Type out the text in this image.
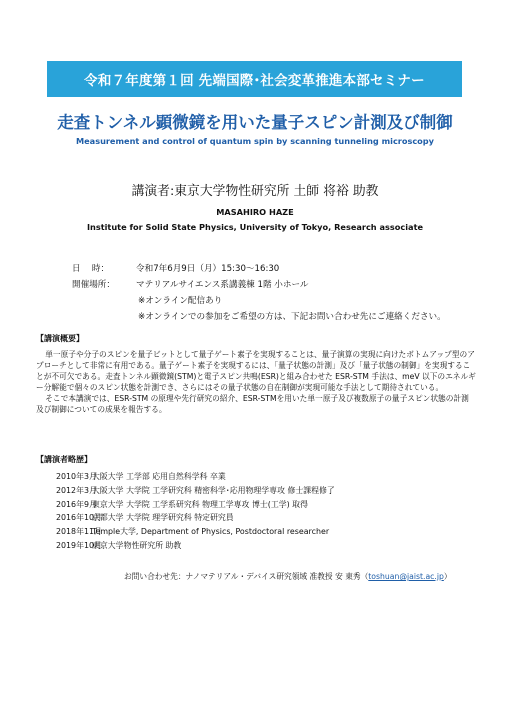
令和７年度第１回 先端国際･社会変革推進本部セミナー
走査トンネル顕微鏡を用いた量子スピン計測及び制御
Measurement and control of quantum spin by scanning tunneling microscopy
講演者:東京大学物性研究所 土師 将裕 助教
MASAHIRO HAZE
Institute for Solid State Physics, University of Tokyo, Research associate
日　 時：	令和7年6月9日（月）15:30～16:30
開催場所： マテリアルサイエンス系講義棟 1階 小ホール
※オンライン配信あり
※オンラインでの参加をご希望の方は、下記お問い合わせ先にご連絡ください。
【講演概要】

単一原子や分子のスピンを量子ビットとして量子ゲート素子を実現することは、量子演算の実現に向けたボトムアップ型のアプローチとして非常に有用である。量子ゲート素子を実現するには、「量子状態の計測」及び「量子状態の制御」を実現することが不可欠である。走査トンネル顕微鏡(STM)と電子スピン共鳴(ESR)と組み合わせた ESR-STM 手法は、meV 以下のエネルギー分解能で個々のスピン状態を計測でき、さらにはその量子状態の自在制御が実現可能な手法として期待されている。

そこで本講演では、ESR-STM の原理や先行研究の紹介、ESR-STMを用いた単一原子及び複数原子の量子スピン状態の計測及び制御についての成果を報告する。

【講演者略歴】
2010年3月大阪大学 工学部 応用自然科学科 卒業
2012年3月大阪大学 大学院 工学研究科 精密科学･応用物理学専攻 修士課程修了
2016年9月東京大学 大学院 工学系研究科 物理工学専攻 博士(工学) 取得
2016年10月京都大学 大学院 理学研究科 特定研究員
2018年11月Temple大学, Department of Physics, Postdoctoral researcher
2019年10月東京大学物性研究所 助教
お問い合わせ先：ナノマテリアル・デバイス研究領域 准教授 安 東秀（toshuan@jaist.ac.jp）
